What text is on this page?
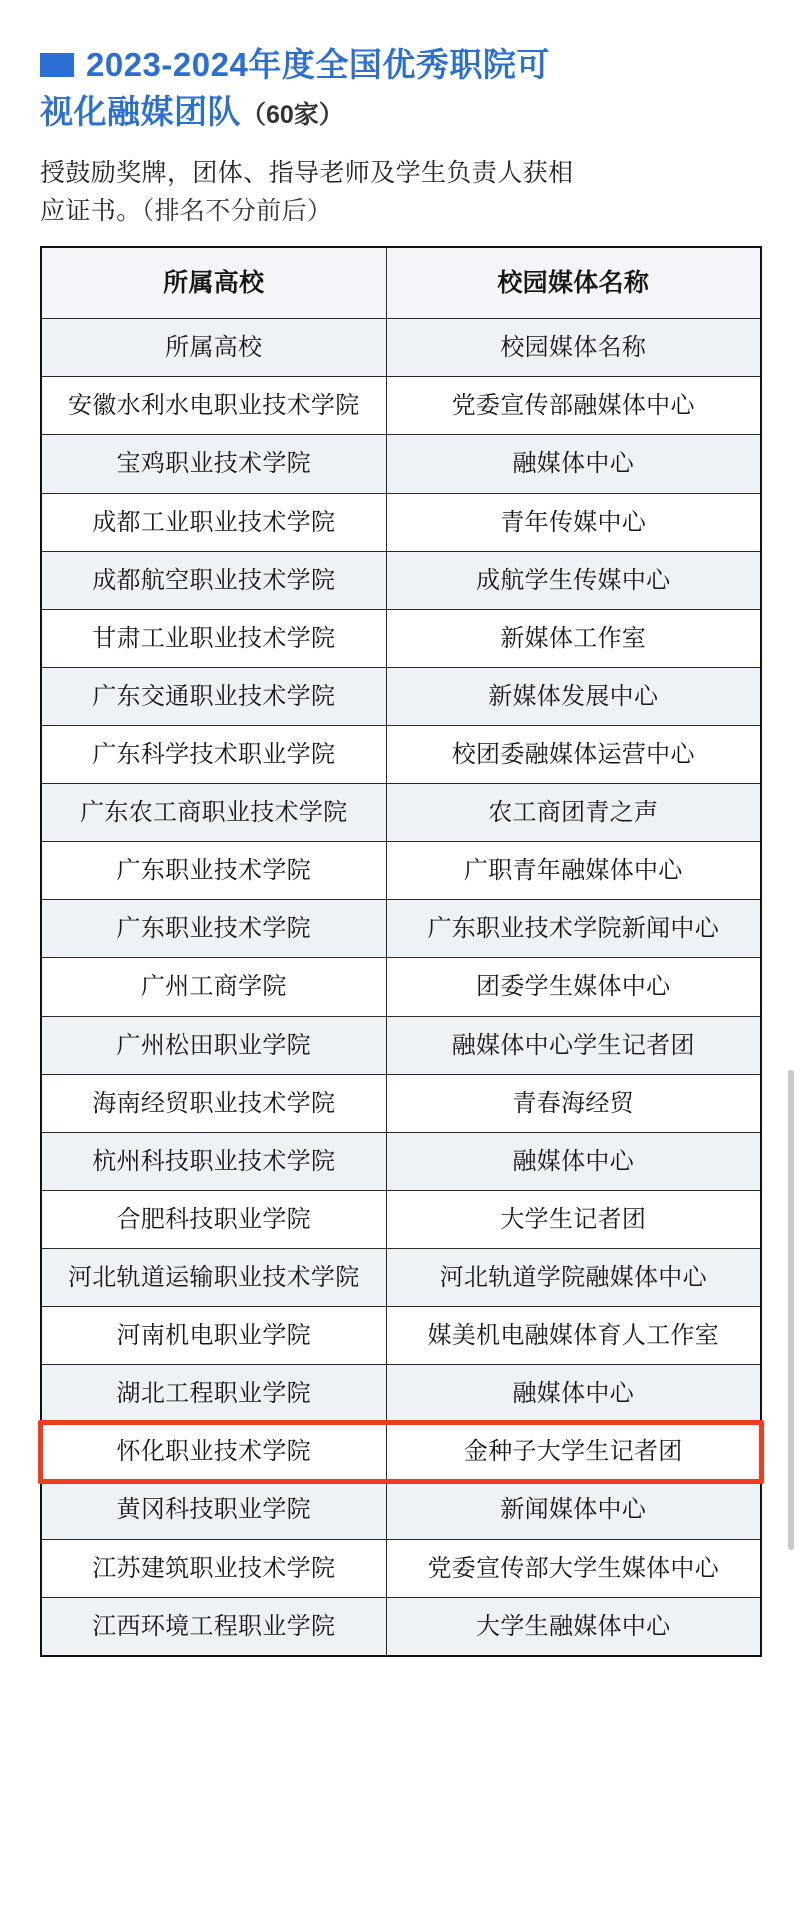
2023-2024年度全国优秀职院可
视化融媒团队（60家）
授鼓励奖牌，团体、指导老师及学生负责人获相
应证书。（排名不分前后）
所属高校	校园媒体名称
所属高校	校园媒体名称
安徽水利水电职业技术学院	党委宣传部融媒体中心
宝鸡职业技术学院	融媒体中心
成都工业职业技术学院	青年传媒中心
成都航空职业技术学院	成航学生传媒中心
甘肃工业职业技术学院	新媒体工作室
广东交通职业技术学院	新媒体发展中心
广东科学技术职业学院	校团委融媒体运营中心
广东农工商职业技术学院	农工商团青之声
广东职业技术学院	广职青年融媒体中心
广东职业技术学院	广东职业技术学院新闻中心
广州工商学院	团委学生媒体中心
广州松田职业学院	融媒体中心学生记者团
海南经贸职业技术学院	青春海经贸
杭州科技职业技术学院	融媒体中心
合肥科技职业学院	大学生记者团
河北轨道运输职业技术学院	河北轨道学院融媒体中心
河南机电职业学院	媒美机电融媒体育人工作室
湖北工程职业学院	融媒体中心
怀化职业技术学院	金种子大学生记者团
黄冈科技职业学院	新闻媒体中心
江苏建筑职业技术学院	党委宣传部大学生媒体中心
江西环境工程职业学院	大学生融媒体中心
